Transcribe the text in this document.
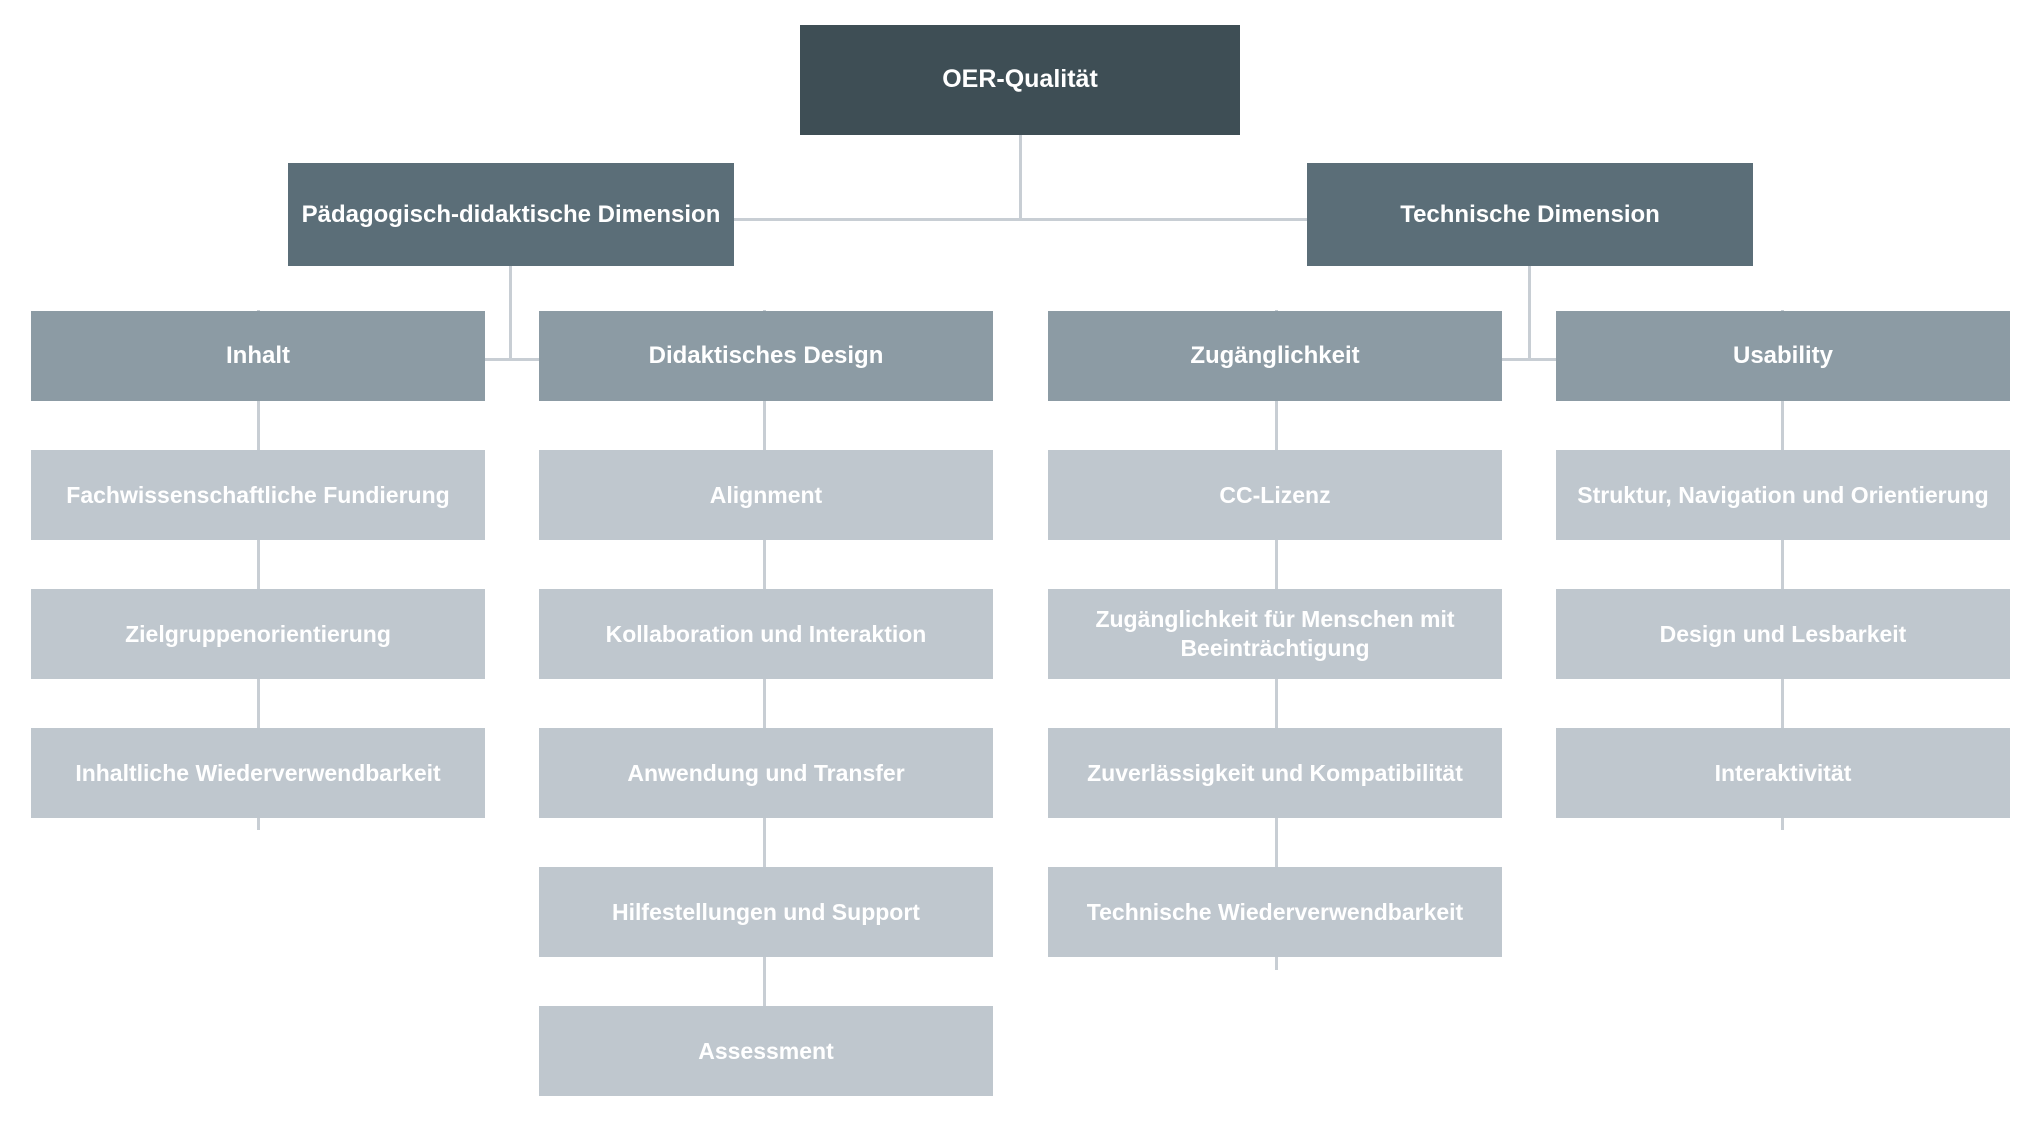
OER-Qualität
Pädagogisch-didaktische Dimension	Technische Dimension
Inhalt	Didaktisches Design	Zugänglichkeit	Usability
Fachwissenschaftliche Fundierung
Zielgruppenorientierung
Inhaltliche Wiederverwendbarkeit
Alignment
Kollaboration und Interaktion
Anwendung und Transfer
Hilfestellungen und Support
Assessment
CC-Lizenz
Zugänglichkeit für Menschen mit Beeinträchtigung
Zuverlässigkeit und Kompatibilität
Technische Wiederverwendbarkeit
Struktur, Navigation und Orientierung
Design und Lesbarkeit
Interaktivität
